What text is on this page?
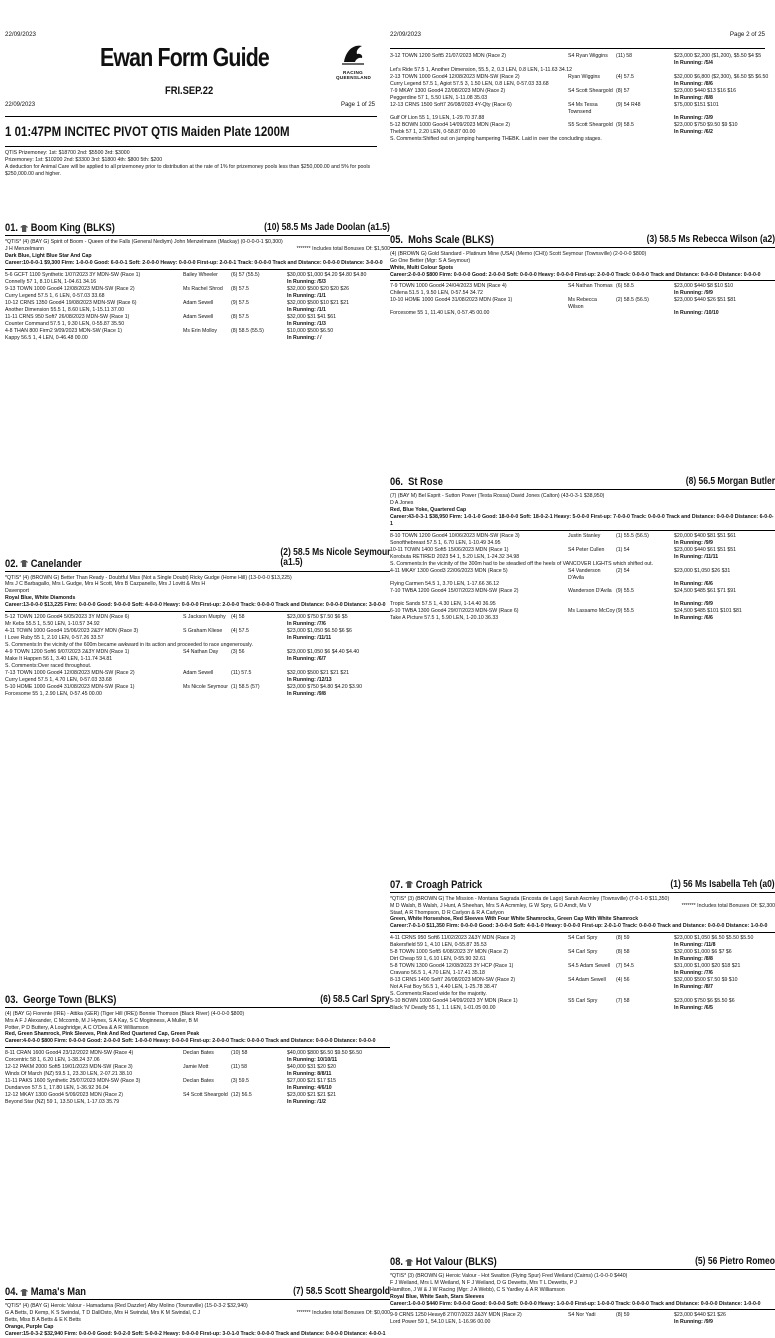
22/09/2023
Ewan Form Guide
RACING
QUEENSLAND
FRI.SEP.22
22/09/2023	Page 1 of 25
1 01:47PM INCITEC PIVOT QTIS Maiden Plate 1200M

QTIS Prizemoney: 1st: $18700 2nd: $5500 3rd: $3000

Prizemoney: 1st: $10200 2nd: $3300 3rd: $1800 4th: $800 5th: $200

A deduction for Animal Care will be applied to all prizemoney prior to distribution at the rate of 1% for prizemoney pools less than $250,000.00 and 5% for pools $250,000.00 and higher.

01. Boom King (BLKS)	(10) 58.5 Ms Jade Doolan (a1.5)

*QTIS* (4) (BAY G) Spirit of Boom - Queen of the Falls (General Nediym) John Menzelmann (Mackay) (0-0-0-0-1 $0,300)

J H Menzelmann	******* Includes total Bonuses Of: $1,500

Dark Blue, Light Blue Star And Cap

Career:10-0-0-1 $9,300 Firm: 1-0-0-0 Good: 6-0-0-1 Soft: 2-0-0-0 Heavy: 0-0-0-0 First-up: 2-0-0-1 Track: 0-0-0-0 Track and Distance: 0-0-0-0 Distance: 3-0-0-0

5-6 GCFT 1100 Synthetic 1/07/2023 3Y MDN-SW (Race 1)	Bailey Wheeler	(6) 57 (55.5)	$30,000 $1,000 $4.20 $4.80 $4.80
Connelly 57 1, 8.10 LEN, 1-04.61 34.16	In Running: /5/3
9-13 TOWN 1000 Good4 12/08/2023 MDN-SW (Race 2)	Ms Rachel Shrod (8) 57.5	$32,000 $500 $20 $20 $26
Curry Legend 57.5 1, 6 LEN, 0-57.03 33.68	In Running: /1/1
10-12 CRNS 1350 Good4 19/08/2023 MDN-SW (Race 6)	Adam Sewell	(9) 57.5	$32,000 $500 $10 $21 $21
Another Dimension 55.5 1, 8.60 LEN, 1-15.11 37.00	In Running: /1/1
11-11 CRNS 950 Soft7 26/08/2023 MDN-SW (Race 1)	Adam Sewell	(8) 57.5	$32,000 $31 $41 $61
Counter Command 57.5 1, 9.30 LEN, 0-55.87 35.50	In Running: /1/3
4-8 THAN 800 Firm2 9/09/2023 MDN-SW (Race 1)	Ms Erin Molloy	(8) 58.5 (55.5)	$10,000 $500 $6.50
Kappy 56.5 1, 4 LEN, 0-46.48 00.00	In Running: / /
02. Canelander
(2) 58.5 Ms Nicole Seymour
(a1.5)

*QTIS* (4) (BROWN G) Better Than Ready - Doubtful Miss (Not a Single Doubt) Ricky Gudge (Home Hill) (13-0-0-0 $13,225)

Mrs J C Barbagallo, Mrs L Gudge, Mrs H Scott, Mrs B Cazpanello, Mrs J Lovitt & Mrs H

Davenport

Royal Blue, White Diamonds

Career:13-0-0-0 $13,225 Firm: 0-0-0-0 Good: 9-0-0-0 Soft: 4-0-0-0 Heavy: 0-0-0-0 First-up: 2-0-0-0 Track: 0-0-0-0 Track and Distance: 0-0-0-0 Distance: 3-0-0-0

5-12 TOWN 1200 Good4 5/05/2023 3Y MDN (Race 6)	S Jackson Murphy (4) 58	$23,000 $750 $7.50 $6 $5
Mr Kebs 55.5 1, 5.50 LEN, 1-10.57 34.92	In Running: /7/6
4-11 TOWN 1000 Good4 15/06/2023 2&3Y MDN (Race 3)	S Graham Kliese (4) 57.5	$23,000 $1,050 $6.50 $6 $6
I Love Ruby 55 1, 2.10 LEN, 0-57.26 33.57	In Running: /11/11
S. Comments:In the vicinity of the 600m became awkward in its action and proceeded to race ungenerously.
4-9 TOWN 1200 Soft6 9/07/2023 2&3Y MDN (Race 1)	S4 Nathan Day (3) 56	$23,000 $1,050 $6 $4.40 $4.40
Make It Happen 56 1, 3.40 LEN, 1-11.74 34.81	In Running: /6/7
S. Comments:Over raced throughout.
7-13 TOWN 1000 Good4 12/08/2023 MDN-SW (Race 2)	Adam Sewell	(11) 57.5	$32,000 $500 $21 $21 $21
Curry Legend 57.5 1, 4.70 LEN, 0-57.03 33.68	In Running: /12/13
5-10 HOME 1000 Good4 31/08/2023 MDN-SW (Race 1)	Ms Nicole Seymour (1) 58.5 (57)	$23,000 $750 $4.80 $4.20 $3.90
Forcesome 55 1, 2.90 LEN, 0-57.45 00.00	In Running: /9/8
03. George Town (BLKS)	(6) 58.5 Carl Spry

(4) (BAY G) Fiorente (IRE) - Attika (GER) (Tiger Hill (IRE)) Bonnie Thomson (Black River) (4-0-0-0 $800)

Mrs A F J Alexander, C Mccomb, M J Hynes, S A Kay, S C Moginness, A Muller, B M

Potter, P D Buttery, A Loughridge, A C O'Dea & A R Williamson

Red, Green Shamrock, Pink Sleeves, Pink And Red Quartered Cap, Green Peak

Career:4-0-0-0 $800 Firm: 0-0-0-0 Good: 2-0-0-0 Soft: 1-0-0-0 Heavy: 0-0-0-0 First-up: 2-0-0-0 Track: 0-0-0-0 Track and Distance: 0-0-0-0 Distance: 0-0-0-0

8-11 CRAN 1600 Good4 23/12/2022 MDN-SW (Race 4)	Declan Bates	(10) 58	$40,000 $800 $6.50 $9.50 $6.50
Corcentric 58 1, 6.20 LEN, 1-38.24 37.06	In Running: 10/10/11
12-12 PAKM 2000 Soft5 19/01/2023 MDN-SW (Race 3)	Jamie Mott	(11) 58	$40,000 $31 $20 $20
Winds Of March (NZ) 59.5 1, 23.30 LEN, 2-07.21 38.10	In Running: 8/8/11
11-11 PAKS 1600 Synthetic 25/07/2023 MDN-SW (Race 3)	Declan Bates	(3) 59.5	$27,000 $21 $17 $15
Dundarvon 57.5 1, 17.80 LEN, 1-36.92 36.04	In Running: 4/6/10
12-12 MKAY 1300 Good4 5/09/2023 MDN (Race 2)	S4 Scott Sheargold (12) 56.5	$23,000 $21 $21 $21
Beyond Star (NZ) 59 1, 13.50 LEN, 1-17.03 35.79	In Running: /1/2
04. Mama's Man	(7) 58.5 Scott Sheargold

*QTIS* (4) (BAY G) Heroic Valour - Hamadama (Red Dazzler) Alby Molino (Townsville) (15-0-3-2 $32,940)

G A Betts, D Kemp, K S Swindal, T D DallOsto, Mrs H Swindal, Mrs K M Swindal, C J	******* Includes total Bonuses Of: $0,000

Betts, Miss B A Betts & E K Betts

Orange, Purple Cap

Career:15-0-3-2 $32,940 Firm: 0-0-0-0 Good: 9-0-2-0 Soft: 5-0-0-2 Heavy: 0-0-0-0 First-up: 3-0-1-0 Track: 0-0-0-0 Track and Distance: 0-0-0-0 Distance: 4-0-0-1

22/09/2023	Page 2 of 25
3-12 TOWN 1200 Soft5 21/07/2023 MDN (Race 2)	S4 Ryan Wiggins (11) 58	$23,000 $2,200 ($1,200), $5.50 $4 $5
In Running: /5/4
Let's Ride 57.5 1, Another Dimension, 55.5, 2, 0.3 LEN, 0.8 LEN, 1-11.63 34.12
2-13 TOWN 1000 Good4 12/08/2023 MDN-SW (Race 2)	Ryan Wiggins	(4) 57.5	$32,000 $6,800 ($2,300), $6.50 $5 $6.50
Curry Legend 57.5 1, Agiot 57.5 3, 1.50 LEN, 0.8 LEN, 0-57.03 33.68	In Running: /8/6
7-9 MKAY 1300 Good4 22/08/2023 MDN (Race 2)	S4 Scott Sheargold (8) 57	$23,000 $440 $13 $16 $16
Peggerdine 57 1, 5.50 LEN, 1-11.08 35.03	In Running: /8/8
12-13 CRNS 1500 Soft7 26/08/2023 4Y-Qty (Race 6)	S4 Ms Tessa Townsend
(9) 54 R48	$75,000 $151 $101
Gulf Of Lion 55 1, 19 LEN, 1-29.70 37.88	In Running: /3/9
5-12 BOWN 1000 Good4 14/09/2023 MDN (Race 2)	S5 Scott Sheargold (9) 58.5	$23,000 $750 $9.50 $9 $10
Thebk 57 1, 2.20 LEN, 0-58.87 00.00	In Running: /6/2
S. Comments:Shifted out on jumping hampering THEBK. Laid in over the concluding stages.
05. Mohs Scale (BLKS)	(3) 58.5 Ms Rebecca Wilson (a2)

(4) (BROWN G) Gold Standard - Platinum Mine (USA) (Memo (CHI)) Scott Seymour (Townsville) (2-0-0-0 $800)

Go One Better (Mgr: S A Seymour)

White, Multi Colour Spots

Career:2-0-0-0 $800 Firm: 0-0-0-0 Good: 2-0-0-0 Soft: 0-0-0-0 Heavy: 0-0-0-0 First-up: 2-0-0-0 Track: 0-0-0-0 Track and Distance: 0-0-0-0 Distance: 0-0-0-0

7-9 TOWN 1000 Good4 24/04/2023 MDN (Race 4)	S4 Nathan Thomas (6) 58.5	$23,000 $440 $8 $10 $10
Chilena 51.5 1, 9.50 LEN, 0-57.54 34.72	In Running: /9/9
10-10 HOME 1000 Good4 31/08/2023 MDN (Race 1)	Ms Rebecca Wilson
(2) 58.5 (56.5)	$23,000 $440 $26 $51 $81
Forcesome 55 1, 11.40 LEN, 0-57.45 00.00	In Running: /10/10
06. St Rose	(8) 56.5 Morgan Butler

(7) (BAY M) Bel Esprit - Sutton Power (Testa Rossa) David Jones (Calton) (43-0-3-1 $38,950)

D A Jones

Red, Blue Yoke, Quartered Cap

Career:43-0-3-1 $38,950 Firm: 1-0-1-0 Good: 18-0-0-0 Soft: 18-0-2-1 Heavy: 5-0-0-0 First-up: 7-0-0-0 Track: 0-0-0-0 Track and Distance: 0-0-0-0 Distance: 6-0-0-1

8-10 TOWN 1200 Good4 10/06/2023 MDN-SW (Race 3)	Justin Stanley	(1) 55.5 (56.5)	$20,000 $400 $81 $51 $61
Sonofthebreast 57.5 1, 6.70 LEN, 1-10.49 34.95	In Running: /9/9
10-11 TOWN 1400 Soft5 15/06/2023 MDN (Race 1)	S4 Peter Cullen (1) 54	$23,000 $440 $61 $51 $51
Korobuta RETIRED 2023 54 1, 5.20 LEN, 1-24.32 34.98	In Running: /11/11
S. Comments:In the vicinity of the 300m had to be steadied off the heels of VANCOVER LIGHTS which shifted out.
4-11 MKAY 1300 Good3 22/06/2023 MDN (Race 5)	S4 Vanderson D'Avila
(2) 54	$23,000 $1,050 $26 $31
Flying Carmen 54.5 1, 3.70 LEN, 1-17.66 36.12	In Running: /6/6
7-10 TWBA 1200 Good4 15/07/2023 MDN-SW (Race 2)	Wanderson D'Avila (9) 55.5	$24,500 $485 $61 $71 $91
Tropic Sands 57.5 1, 4.30 LEN, 1-14.40 36.95	In Running: /9/9
6-10 TWBA 1300 Good4 29/07/2023 MDN-SW (Race 6)	Ms Lassamo McCoy (9) 55.5	$24,500 $485 $101 $101 $81
Take A Picture 57.5 1, 5.90 LEN, 1-20.10 36.33	In Running: /6/6
07. Croagh Patrick	(1) 56 Ms Isabella Teh (a0)

*QTIS* (3) (BROWN G) The Mission - Montana Sagrada (Encosta de Lago) Sarah Ascmley (Townsville) (7-0-1-0 $11,350)

M D Walsh, B Walsh, J Hunt, A Sheehan, Mrs S A Acmmley, G W Spry, G D Arndt, Ms V	******* Includes total Bonuses Of: $2,300

Staaf, A R Thompson, D R Carlyon & R A Carlyon

Green, White Horseshoe, Red Sleeves With Four White Shamrocks, Green Cap With White Shamrock

Career:7-0-1-0 $11,350 Firm: 0-0-0-0 Good: 3-0-0-0 Soft: 4-0-1-0 Heavy: 0-0-0-0 First-up: 2-0-1-0 Track: 0-0-0-0 Track and Distance: 0-0-0-0 Distance: 1-0-0-0

4-11 CRNS 950 Soft6 11/02/2023 2&3Y MDN (Race 2)	S4 Carl Spry	(8) 59	$23,000 $1,050 $6.50 $5.50 $5.50
Bakersfield 59 1, 4.10 LEN, 0-55.87 35.53	In Running: /11/8
5-8 TOWN 1000 Soft5 6/08/2023 3Y MDN (Race 2)	S4 Carl Spry	(8) 58	$32,000 $1,000 $6 $7 $6
Dirt Cheap 59 1, 6.10 LEN, 0-55.90 32.61	In Running: /8/8
5-8 TOWN 1300 Good4 12/08/2023 3Y HCP (Race 1)	S4.5 Adam Sewell (7) 54.5	$31,000 $1,000 $20 $18 $21
Cravano 56.5 1, 4.70 LEN, 1-17.41 35.18	In Running: /7/6
8-13 CRNS 1400 Soft7 26/08/2023 MDN-SW (Race 2)	S4 Adam Sewell (4) 56	$32,000 $500 $7.50 $9 $10
Not A Fat Boy 56.5 1, 4.40 LEN, 1-25.78 38.47	In Running: /8/7
S. Comments:Raced wide for the majority.
5-10 BOWN 1000 Good4 14/09/2023 3Y MDN (Race 1)	S5 Carl Spry	(7) 58	$23,000 $750 $6 $5.50 $6
Black 'N' Deadly 55 1, 1.1 LEN, 1-01.05 00.00	In Running: /6/5
08. Hot Valour (BLKS)	(5) 56 Pietro Romeo

*QTIS* (3) (BROWN G) Heroic Valour - Hot Swatton (Flying Spur) Fred Weiland (Cairns) (1-0-0-0 $440)

F J Weiland, Mrs L M Weiland, N F J Weiland, D G Dewetts, Mrs T L Dewetts, P J

Hamilton, J W & J W Racing (Mgr: J A Webb), C S Yardley & A R Williamson

Royal Blue, White Sash, Stars Sleeves

Career:1-0-0-0 $440 Firm: 0-0-0-0 Good: 0-0-0-0 Soft: 0-0-0-0 Heavy: 1-0-0-0 First-up: 1-0-0-0 Track: 0-0-0-0 Track and Distance: 0-0-0-0 Distance: 1-0-0-0

9-9 CRNS 1250 Heavy8 27/07/2023 2&3Y MDN (Race 2)	S4 Nor Yadi	(8) 59	$23,000 $440 $21 $26
Lord Power 59 1, 54.10 LEN, 1-16.96 00.00	In Running: /9/9
